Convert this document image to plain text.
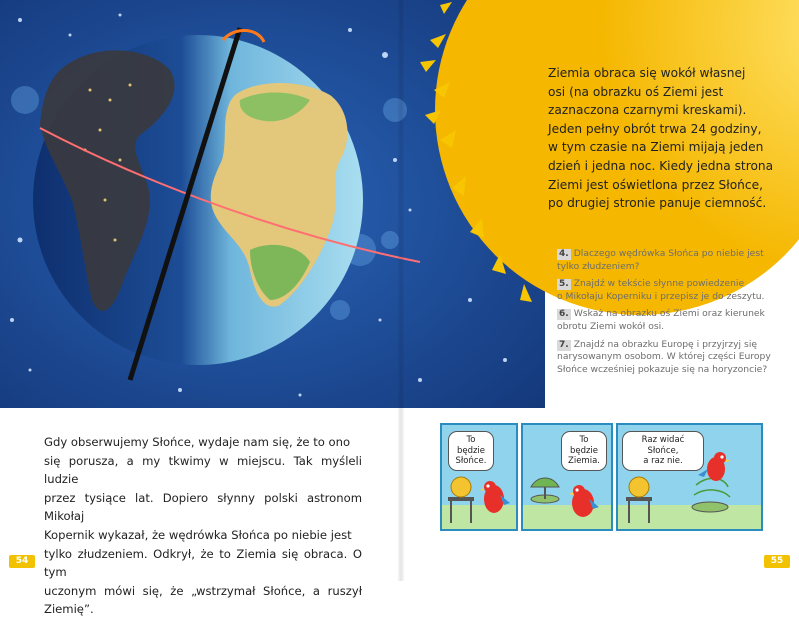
Ziemia obraca się wokół własnej
osi (na obrazku oś Ziemi jest
zaznaczona czarnymi kreskami).
Jeden pełny obrót trwa 24 godziny,
w tym czasie na Ziemi mijają jeden
dzień i jedna noc. Kiedy jedna strona
Ziemi jest oświetlona przez Słońce,
po drugiej stronie panuje ciemność.
4. Dlaczego wędrówka Słońca po niebie jest
tylko złudzeniem?
5. Znajdź w tekście słynne powiedzenie
o Mikołaju Koperniku i przepisz je do zeszytu.
6. Wskaż na obrazku oś Ziemi oraz kierunek
obrotu Ziemi wokół osi.
7. Znajdź na obrazku Europę i przyjrzyj się
narysowanym osobom. W której części Europy
Słońce wcześniej pokazuje się na horyzoncie?
Gdy obserwujemy Słońce, wydaje nam się, że to ono
się porusza, a my tkwimy w miejscu. Tak myśleli ludzie
przez tysiące lat. Dopiero słynny polski astronom Mikołaj
Kopernik wykazał, że wędrówka Słońca po niebie jest
tylko złudzeniem. Odkrył, że to Ziemia się obraca. O tym
uczonym mówi się, że „wstrzymał Słońce, a ruszył Ziemię”.
To będzie
Słońce.
To będzie
Ziemia.
Raz widać Słońce,
a raz nie.
54	55
